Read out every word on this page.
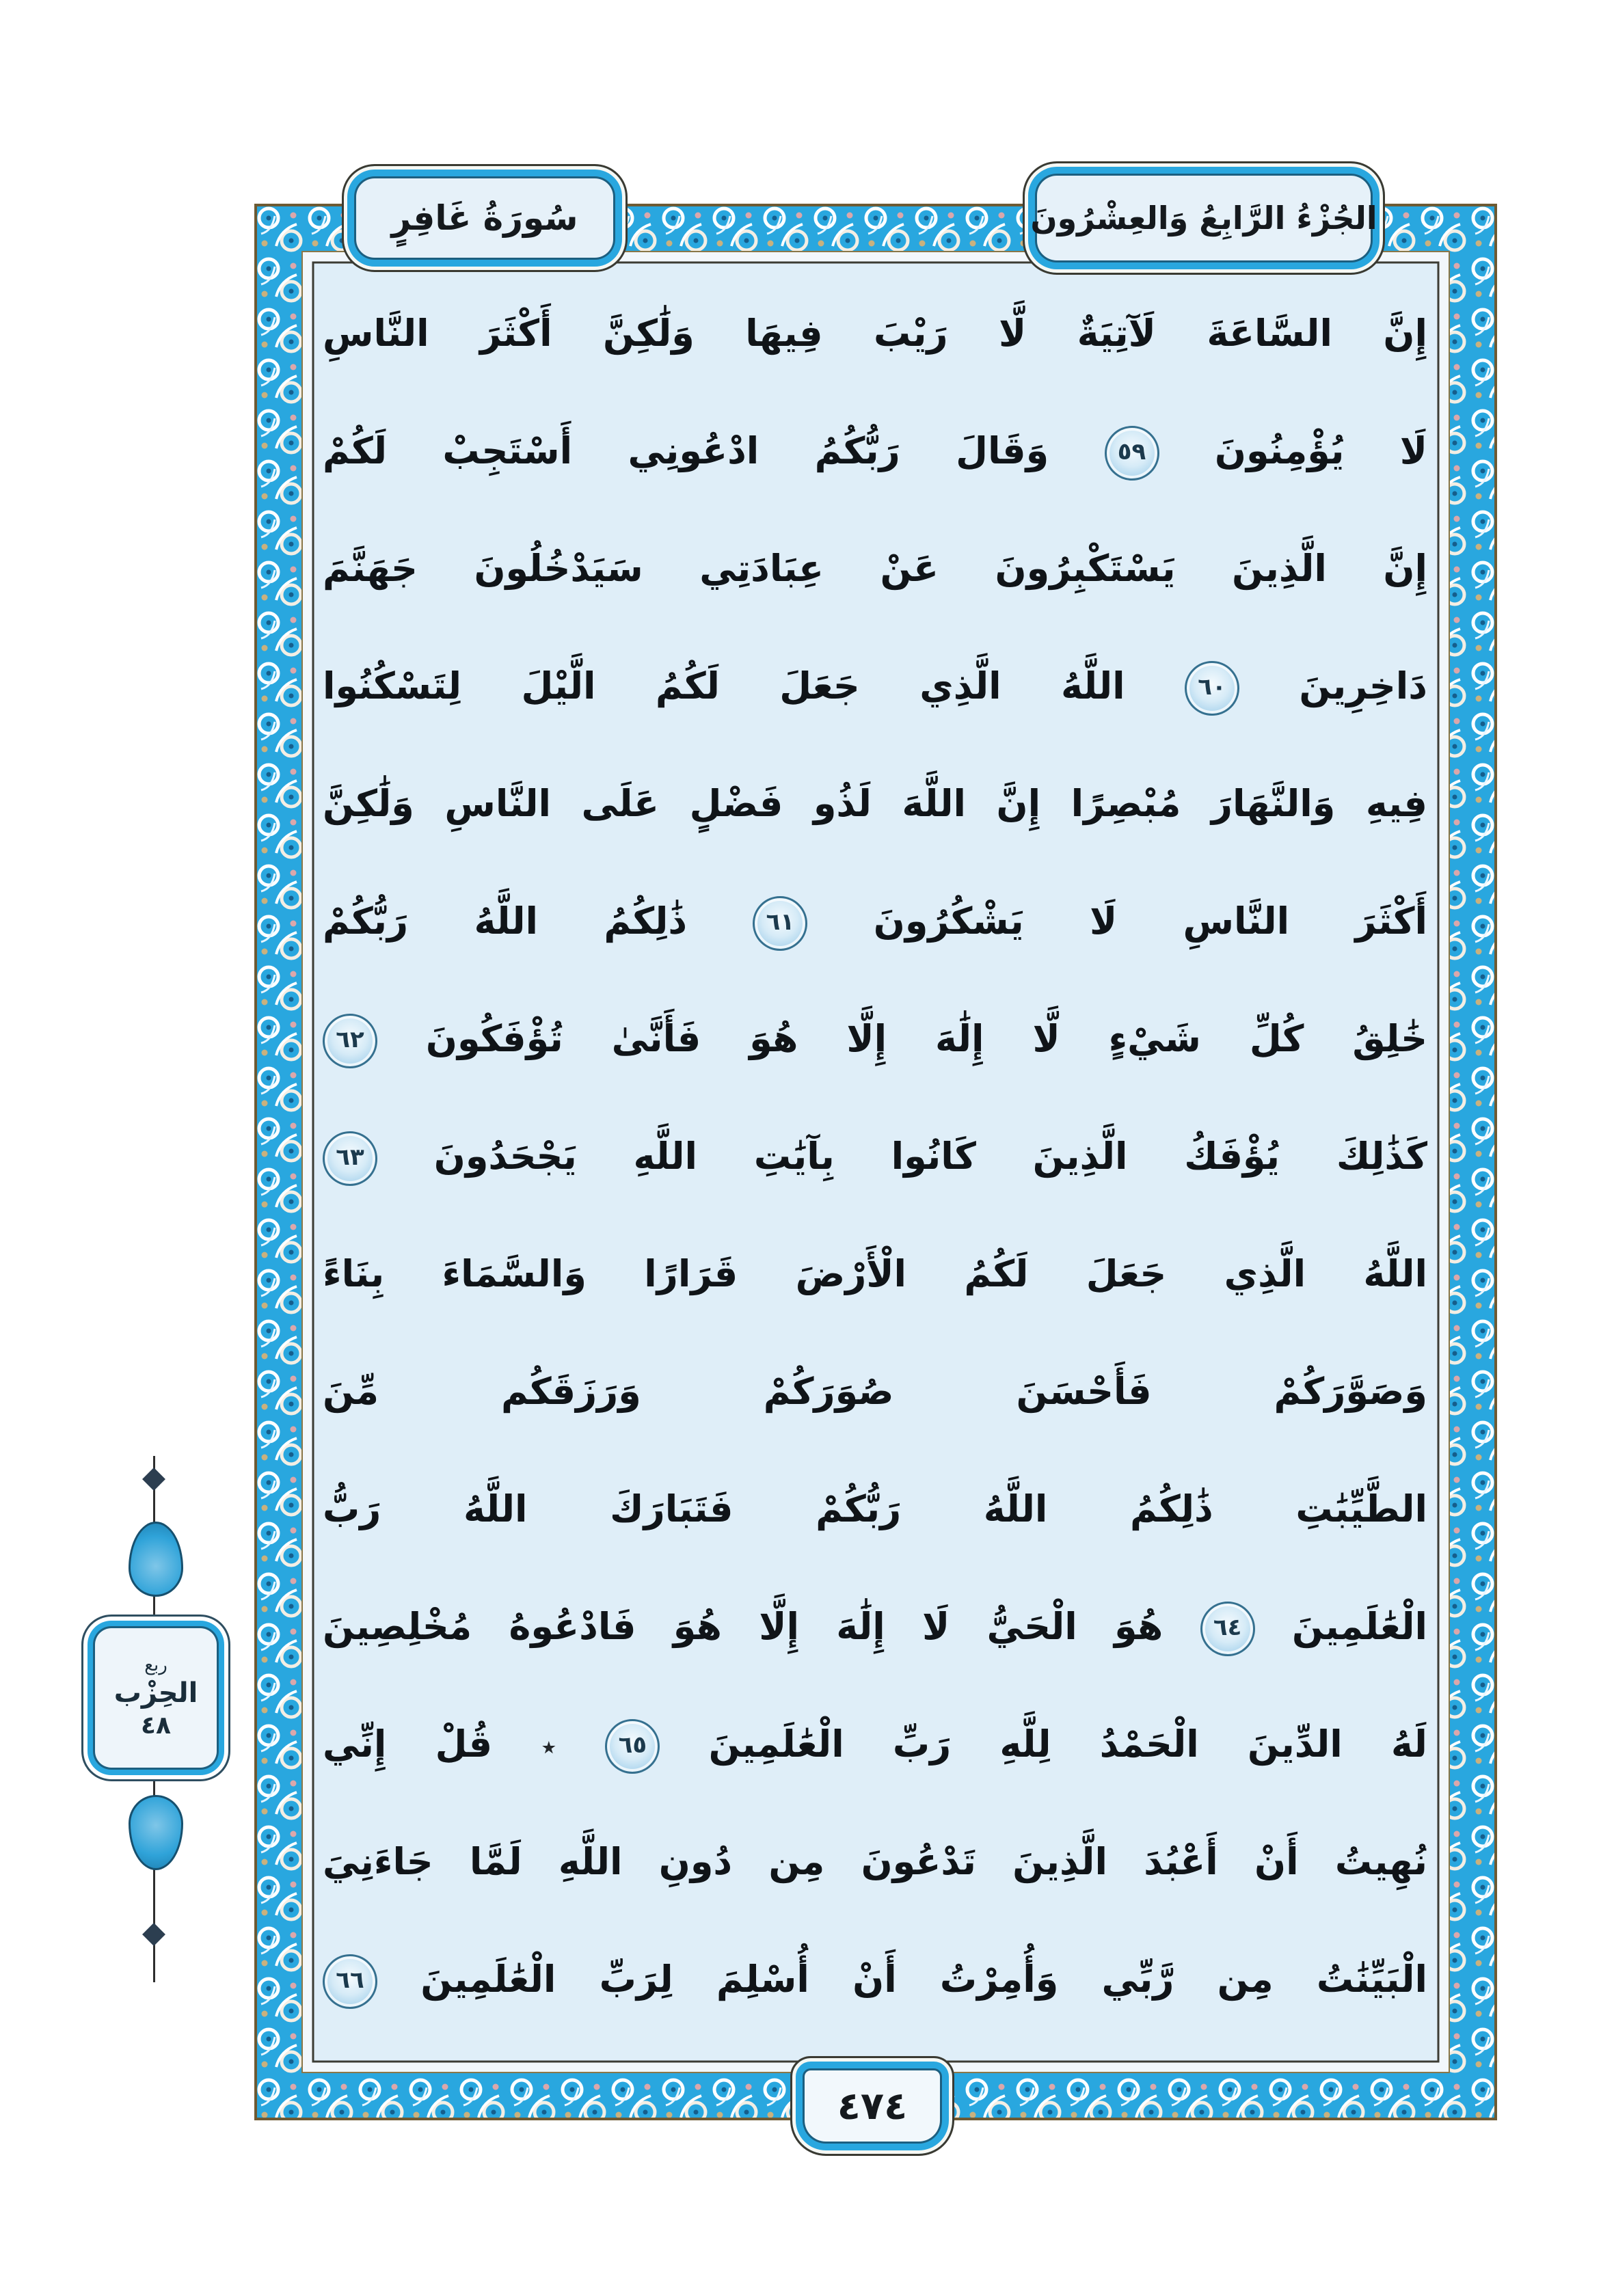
سُورَةُ غَافِرٍ	الجُزْءُ الرَّابِعُ وَالعِشْرُونَ
إِنَّ السَّاعَةَ لَآتِيَةٌ لَّا رَيْبَ فِيهَا وَلَٰكِنَّ أَكْثَرَ النَّاسِ
لَا يُؤْمِنُونَ ٥٩ وَقَالَ رَبُّكُمُ ادْعُونِي أَسْتَجِبْ لَكُمْ
إِنَّ الَّذِينَ يَسْتَكْبِرُونَ عَنْ عِبَادَتِي سَيَدْخُلُونَ جَهَنَّمَ
دَاخِرِينَ ٦٠ اللَّهُ الَّذِي جَعَلَ لَكُمُ الَّيْلَ لِتَسْكُنُوا
فِيهِ وَالنَّهَارَ مُبْصِرًا إِنَّ اللَّهَ لَذُو فَضْلٍ عَلَى النَّاسِ وَلَٰكِنَّ
أَكْثَرَ النَّاسِ لَا يَشْكُرُونَ ٦١ ذَٰلِكُمُ اللَّهُ رَبُّكُمْ
خَٰلِقُ كُلِّ شَيْءٍ لَّا إِلَٰهَ إِلَّا هُوَ فَأَنَّىٰ تُؤْفَكُونَ ٦٢
كَذَٰلِكَ يُؤْفَكُ الَّذِينَ كَانُوا بِآيَٰتِ اللَّهِ يَجْحَدُونَ ٦٣
اللَّهُ الَّذِي جَعَلَ لَكُمُ الْأَرْضَ قَرَارًا وَالسَّمَاءَ بِنَاءً
وَصَوَّرَكُمْ فَأَحْسَنَ صُوَرَكُمْ وَرَزَقَكُم مِّنَ
الطَّيِّبَٰتِ ذَٰلِكُمُ اللَّهُ رَبُّكُمْ فَتَبَارَكَ اللَّهُ رَبُّ
الْعَٰلَمِينَ ٦٤ هُوَ الْحَيُّ لَا إِلَٰهَ إِلَّا هُوَ فَادْعُوهُ مُخْلِصِينَ
لَهُ الدِّينَ الْحَمْدُ لِلَّهِ رَبِّ الْعَٰلَمِينَ ٦٥ ٭ قُلْ إِنِّي
نُهِيتُ أَنْ أَعْبُدَ الَّذِينَ تَدْعُونَ مِن دُونِ اللَّهِ لَمَّا جَاءَنِيَ
الْبَيِّنَٰتُ مِن رَّبِّي وَأُمِرْتُ أَنْ أُسْلِمَ لِرَبِّ الْعَٰلَمِينَ ٦٦
ربع
الحِزْب
٤٨
٤٧٤
